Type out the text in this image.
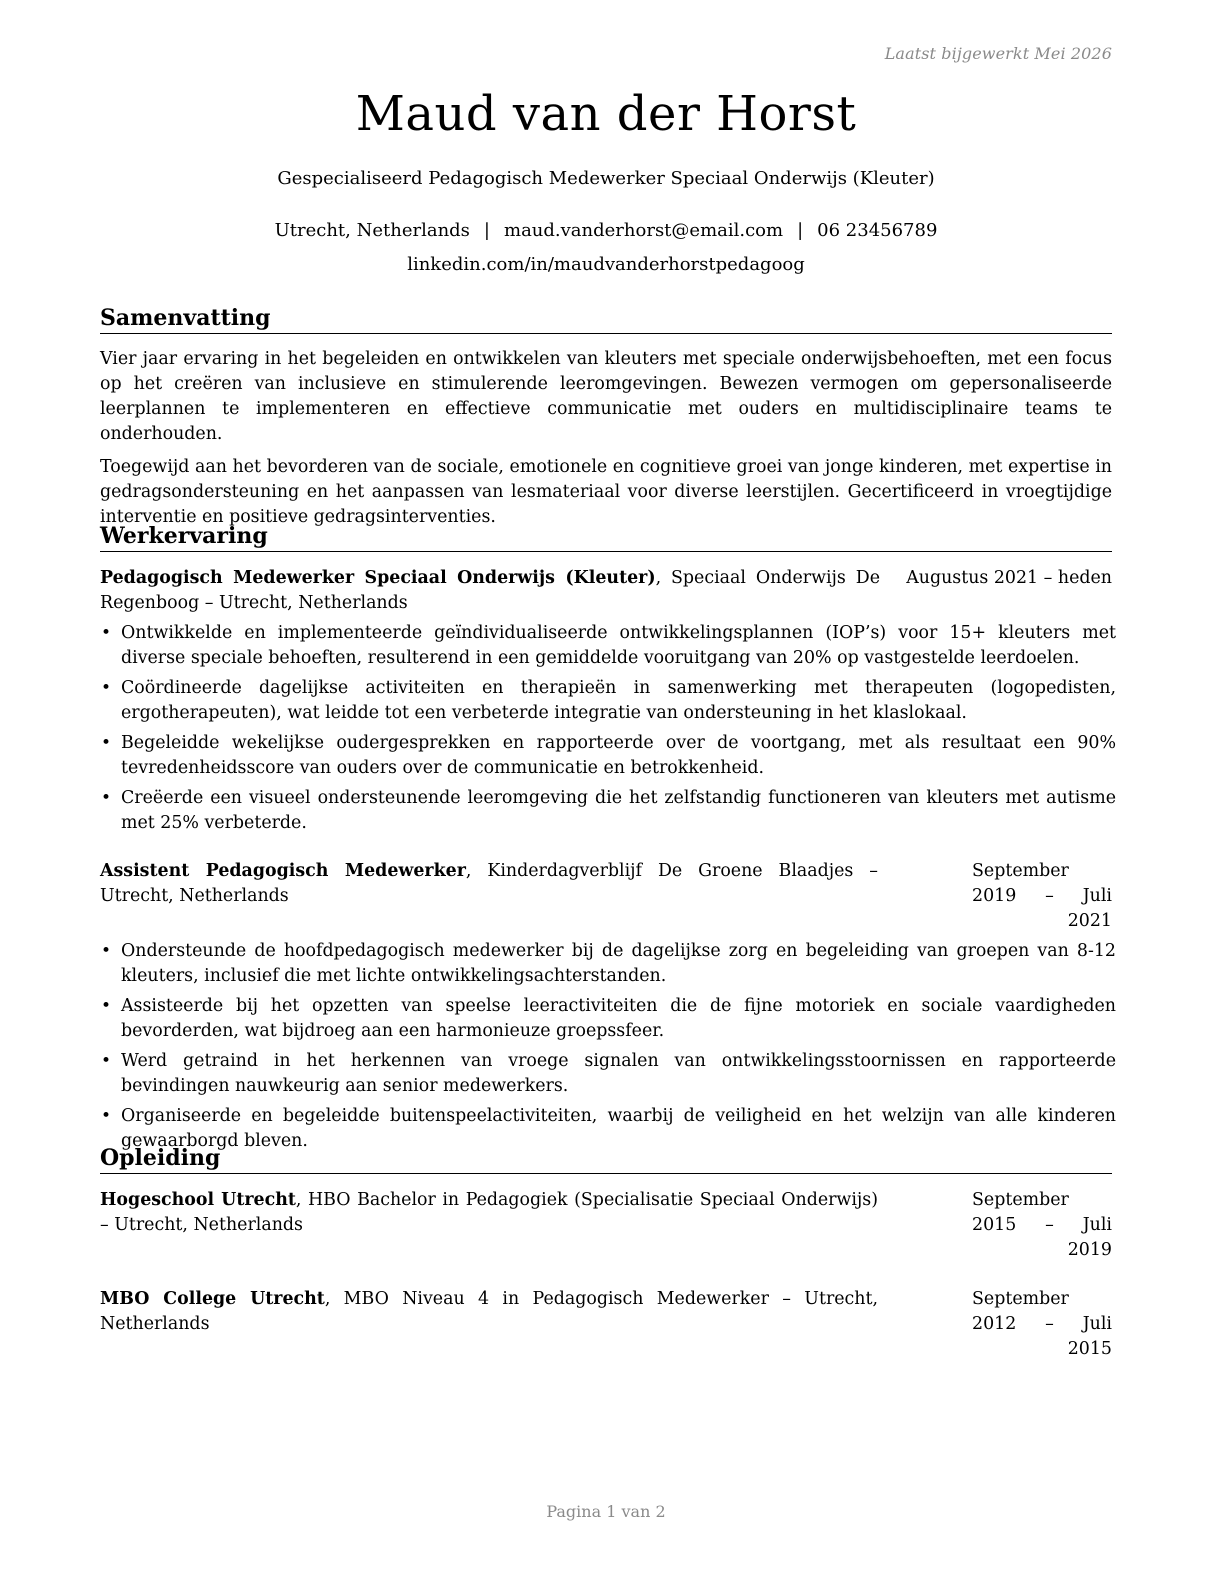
Laatst bijgewerkt Mei 2026
Maud van der Horst
Gespecialiseerd Pedagogisch Medewerker Speciaal Onderwijs (Kleuter)
Utrecht, Netherlands | maud.vanderhorst@email.com | 06 23456789
linkedin.com/in/maudvanderhorstpedagoog
Samenvatting

Vier jaar ervaring in het begeleiden en ontwikkelen van kleuters met speciale onderwijsbehoeften, met een focus op het creëren van inclusieve en stimulerende leeromgevingen. Bewezen vermogen om gepersonaliseerde leerplannen te implementeren en effectieve communicatie met ouders en multidisciplinaire teams te onderhouden.

Toegewijd aan het bevorderen van de sociale, emotionele en cognitieve groei van jonge kinderen, met expertise in gedragsondersteuning en het aanpassen van lesmateriaal voor diverse leerstijlen. Gecertificeerd in vroegtijdige interventie en positieve gedragsinterventies.

Werkervaring
Pedagogisch Medewerker Speciaal Onderwijs (Kleuter), Speciaal Onderwijs De Regenboog – Utrecht, Netherlands
Augustus 2021 – heden
• Ontwikkelde en implementeerde geïndividualiseerde ontwikkelingsplannen (IOP’s) voor 15+ kleuters met diverse speciale behoeften, resulterend in een gemiddelde vooruitgang van 20% op vastgestelde leerdoelen.
• Coördineerde dagelijkse activiteiten en therapieën in samenwerking met therapeuten (logopedisten, ergotherapeuten), wat leidde tot een verbeterde integratie van ondersteuning in het klaslokaal.
• Begeleidde wekelijkse oudergesprekken en rapporteerde over de voortgang, met als resultaat een 90% tevredenheidsscore van ouders over de communicatie en betrokkenheid.
• Creëerde een visueel ondersteunende leeromgeving die het zelfstandig functioneren van kleuters met autisme met 25% verbeterde.
Assistent Pedagogisch Medewerker, Kinderdagverblijf De Groene Blaadjes – Utrecht, Netherlands
September 2019 – Juli 2021
• Ondersteunde de hoofdpedagogisch medewerker bij de dagelijkse zorg en begeleiding van groepen van 8-12 kleuters, inclusief die met lichte ontwikkelingsachterstanden.
• Assisteerde bij het opzetten van speelse leeractiviteiten die de fijne motoriek en sociale vaardigheden bevorderden, wat bijdroeg aan een harmonieuze groepssfeer.
• Werd getraind in het herkennen van vroege signalen van ontwikkelingsstoornissen en rapporteerde bevindingen nauwkeurig aan senior medewerkers.
• Organiseerde en begeleidde buitenspeelactiviteiten, waarbij de veiligheid en het welzijn van alle kinderen gewaarborgd bleven.
Opleiding
Hogeschool Utrecht, HBO Bachelor in Pedagogiek (Specialisatie Speciaal Onderwijs) – Utrecht, Netherlands
September 2015 – Juli 2019
MBO College Utrecht, MBO Niveau 4 in Pedagogisch Medewerker – Utrecht, Netherlands
September 2012 – Juli 2015
Pagina 1 van 2
